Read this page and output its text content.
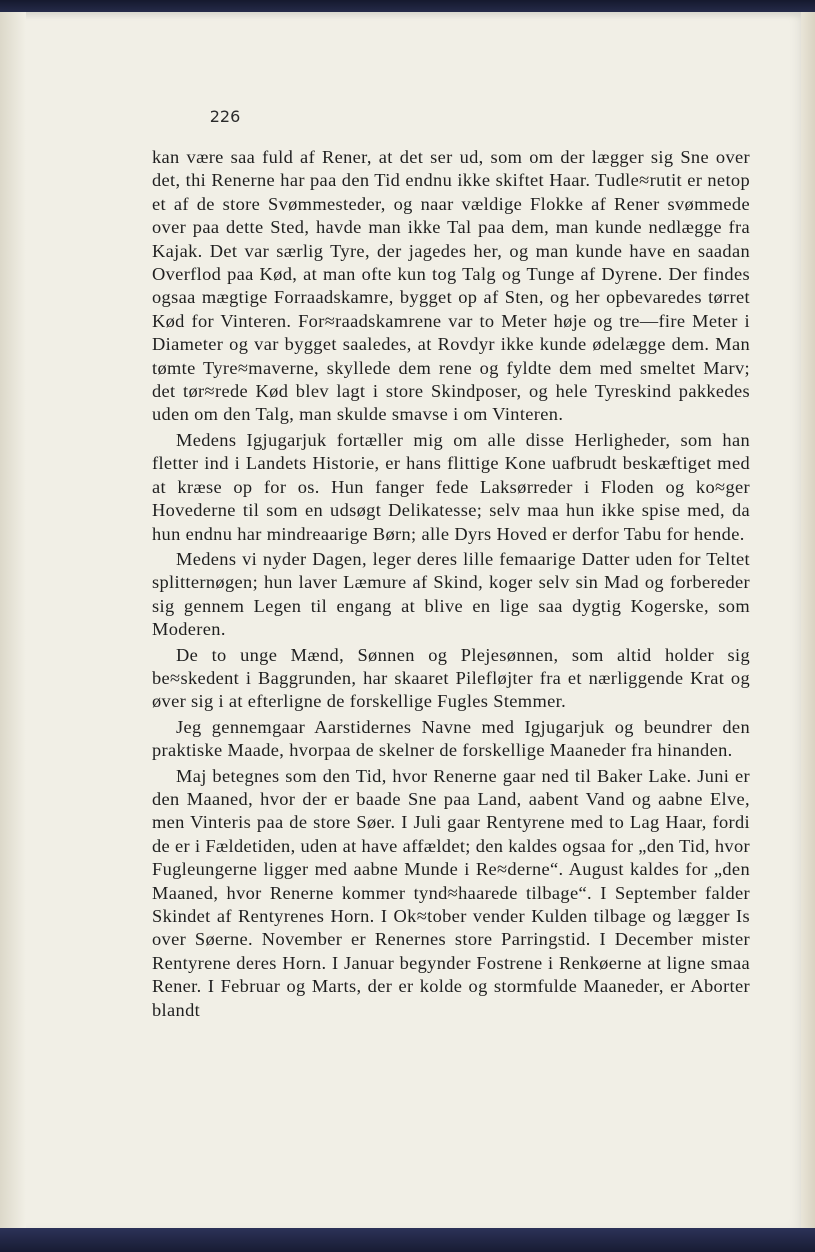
226

kan være saa fuld af Rener, at det ser ud, som om der lægger sig Sne over det, thi Renerne har paa den Tid endnu ikke skiftet Haar. Tudle≈rutit er netop et af de store Svømmesteder, og naar vældige Flokke af Rener svømmede over paa dette Sted, havde man ikke Tal paa dem, man kunde nedlægge fra Kajak. Det var særlig Tyre, der jagedes her, og man kunde have en saadan Overflod paa Kød, at man ofte kun tog Talg og Tunge af Dyrene. Der findes ogsaa mægtige Forraadskamre, bygget op af Sten, og her opbevaredes tørret Kød for Vinteren. For≈raadskamrene var to Meter høje og tre—fire Meter i Diameter og var bygget saaledes, at Rovdyr ikke kunde ødelægge dem. Man tømte Tyre≈maverne, skyllede dem rene og fyldte dem med smeltet Marv; det tør≈rede Kød blev lagt i store Skindposer, og hele Tyreskind pakkedes uden om den Talg, man skulde smavse i om Vinteren.

Medens Igjugarjuk fortæller mig om alle disse Herligheder, som han fletter ind i Landets Historie, er hans flittige Kone uafbrudt beskæftiget med at kræse op for os. Hun fanger fede Laksørreder i Floden og ko≈ger Hovederne til som en udsøgt Delikatesse; selv maa hun ikke spise med, da hun endnu har mindreaarige Børn; alle Dyrs Hoved er derfor Tabu for hende.

Medens vi nyder Dagen, leger deres lille femaarige Datter uden for Teltet splitternøgen; hun laver Læmure af Skind, koger selv sin Mad og forbereder sig gennem Legen til engang at blive en lige saa dygtig Kogerske, som Moderen.

De to unge Mænd, Sønnen og Plejesønnen, som altid holder sig be≈skedent i Baggrunden, har skaaret Pilefløjter fra et nærliggende Krat og øver sig i at efterligne de forskellige Fugles Stemmer.

Jeg gennemgaar Aarstidernes Navne med Igjugarjuk og beundrer den praktiske Maade, hvorpaa de skelner de forskellige Maaneder fra hinanden.

Maj betegnes som den Tid, hvor Renerne gaar ned til Baker Lake. Juni er den Maaned, hvor der er baade Sne paa Land, aabent Vand og aabne Elve, men Vinteris paa de store Søer. I Juli gaar Rentyrene med to Lag Haar, fordi de er i Fældetiden, uden at have affældet; den kaldes ogsaa for „den Tid, hvor Fugleungerne ligger med aabne Munde i Re≈derne“. August kaldes for „den Maaned, hvor Renerne kommer tynd≈haarede tilbage“. I September falder Skindet af Rentyrenes Horn. I Ok≈tober vender Kulden tilbage og lægger Is over Søerne. November er Renernes store Parringstid. I December mister Rentyrene deres Horn. I Januar begynder Fostrene i Renkøerne at ligne smaa Rener. I Februar og Marts, der er kolde og stormfulde Maaneder, er Aborter blandt
